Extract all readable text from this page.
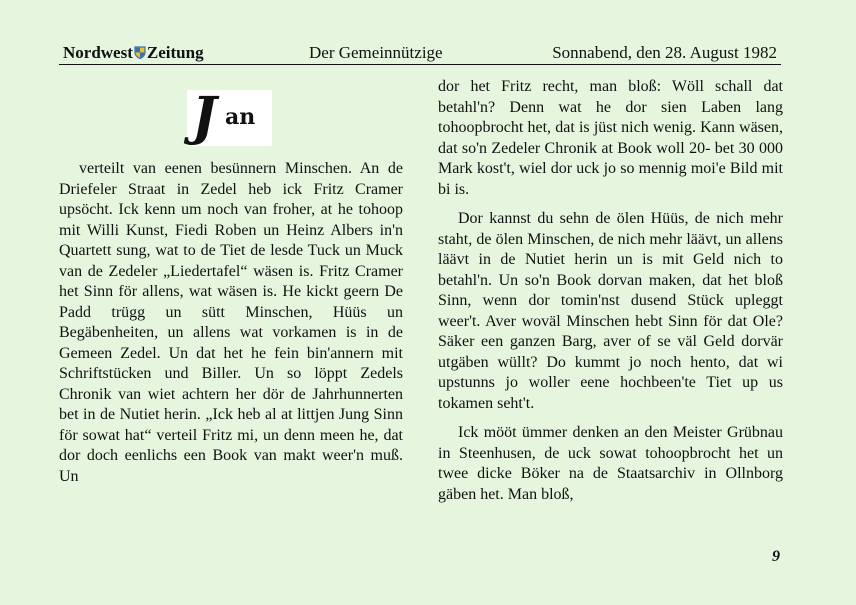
Nordwest Zeitung	Der Gemeinnützige	Sonnabend, den 28. August 1982
J an

verteilt van eenen besünnern Minschen. An de Driefeler Straat in Zedel heb ick Fritz Cramer upsöcht. Ick kenn um noch van froher, at he tohoop mit Willi Kunst, Fiedi Roben un Heinz Albers in'n Quartett sung, wat to de Tiet de lesde Tuck un Muck van de Zedeler „Liedertafel“ wäsen is. Fritz Cramer het Sinn för allens, wat wäsen is. He kickt geern De Padd trügg un sütt Minschen, Hüüs un Begäbenheiten, un allens wat vorkamen is in de Gemeen Zedel. Un dat het he fein bin'annern mit Schriftstücken und Biller. Un so löppt Zedels Chronik van wiet achtern her dör de Jahrhunnerten bet in de Nutiet herin. „Ick heb al at littjen Jung Sinn för sowat hat“ verteil Fritz mi, un denn meen he, dat dor doch eenlichs een Book van makt weer'n muß. Un

dor het Fritz recht, man bloß: Wöll schall dat betahl'n? Denn wat he dor sien Laben lang tohoopbrocht het, dat is jüst nich wenig. Kann wäsen, dat so'n Zedeler Chronik at Book woll 20- bet 30 000 Mark kost't, wiel dor uck jo so mennig moi'e Bild mit bi is.

Dor kannst du sehn de ölen Hüüs, de nich mehr staht, de ölen Minschen, de nich mehr läävt, un allens läävt in de Nutiet herin un is mit Geld nich to betahl'n. Un so'n Book dorvan maken, dat het bloß Sinn, wenn dor tomin'nst dusend Stück upleggt weer't. Aver woväl Minschen hebt Sinn för dat Ole? Säker een ganzen Barg, aver of se väl Geld dorvär utgäben wüllt? Do kummt jo noch hento, dat wi upstunns jo woller eene hochbeen'te Tiet up us tokamen seht't.

Ick mööt ümmer denken an den Meister Grübnau in Steenhusen, de uck sowat tohoopbrocht het un twee dicke Böker na de Staatsarchiv in Ollnborg gäben het. Man bloß,

9
